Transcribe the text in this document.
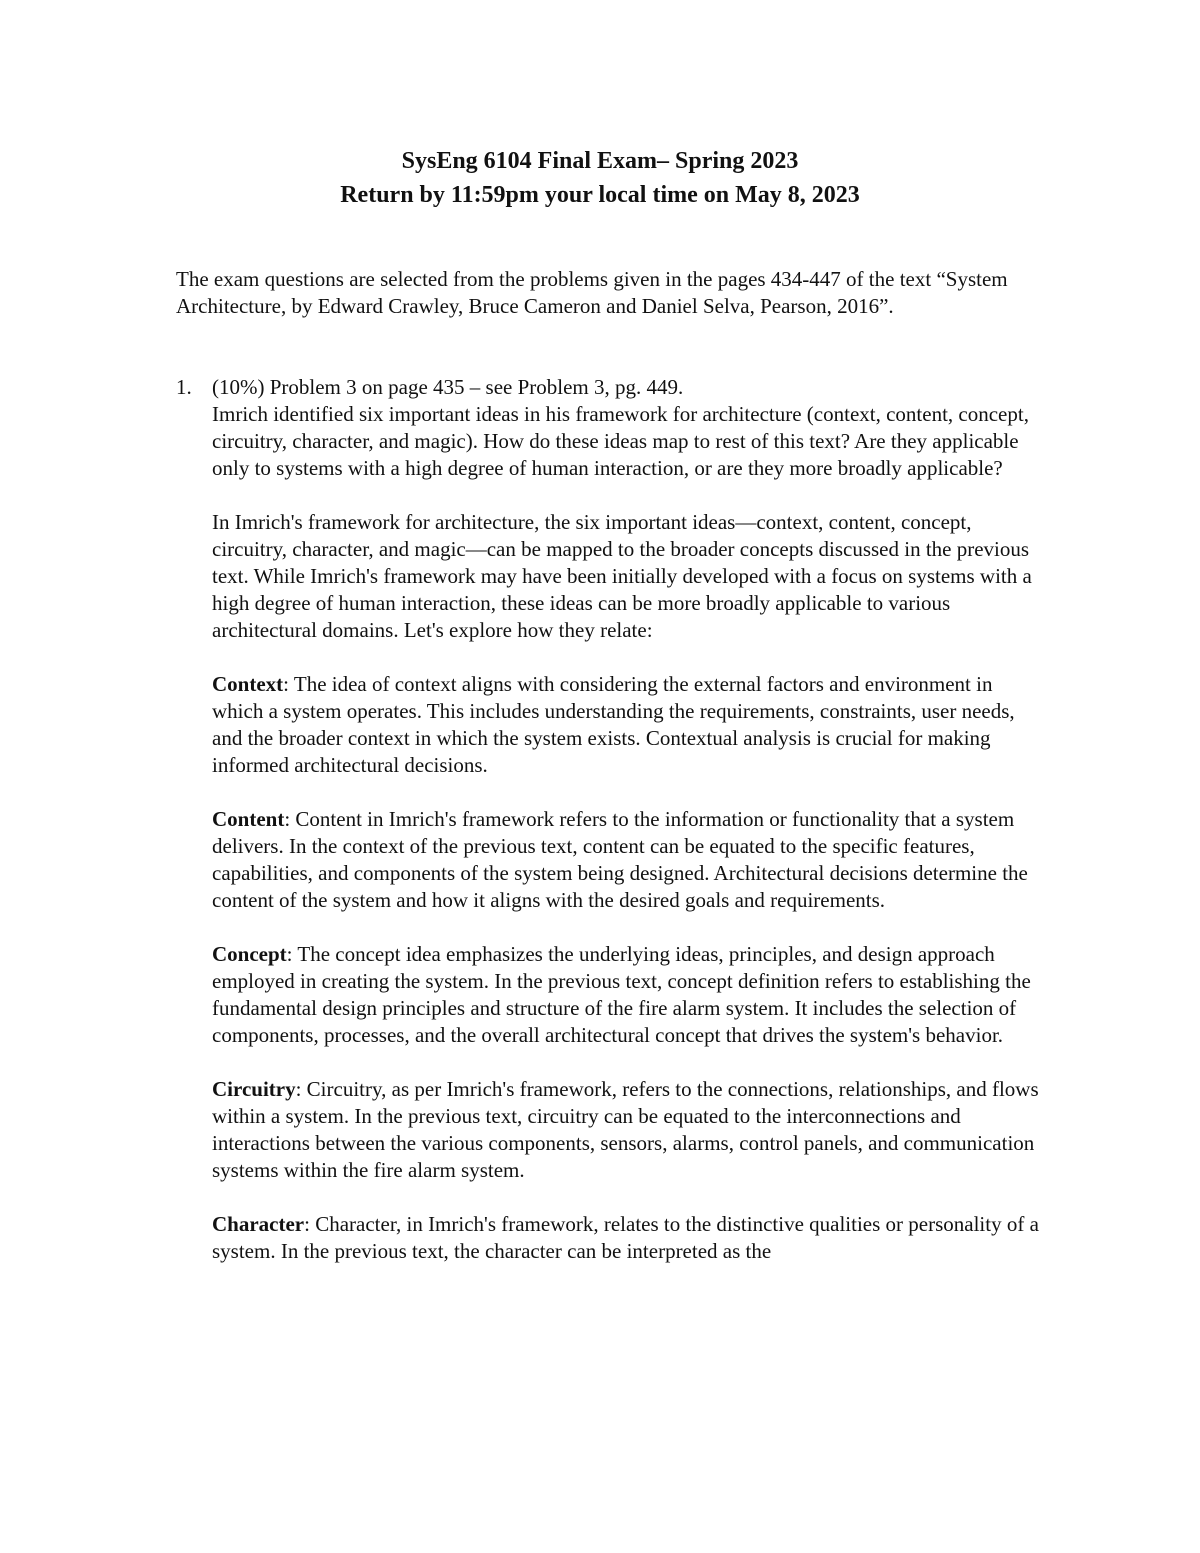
SysEng 6104 Final Exam– Spring 2023
Return by 11:59pm your local time on May 8, 2023

The exam questions are selected from the problems given in the pages 434-447 of the text “System Architecture, by Edward Crawley, Bruce Cameron and Daniel Selva, Pearson, 2016”.

1. (10%) Problem 3 on page 435 – see Problem 3, pg. 449.
Imrich identified six important ideas in his framework for architecture (context, content, concept, circuitry, character, and magic). How do these ideas map to rest of this text? Are they applicable only to systems with a high degree of human interaction, or are they more broadly applicable?

In Imrich's framework for architecture, the six important ideas—context, content, concept, circuitry, character, and magic—can be mapped to the broader concepts discussed in the previous text. While Imrich's framework may have been initially developed with a focus on systems with a high degree of human interaction, these ideas can be more broadly applicable to various architectural domains. Let's explore how they relate:

Context: The idea of context aligns with considering the external factors and environment in which a system operates. This includes understanding the requirements, constraints, user needs, and the broader context in which the system exists. Contextual analysis is crucial for making informed architectural decisions.

Content: Content in Imrich's framework refers to the information or functionality that a system delivers. In the context of the previous text, content can be equated to the specific features, capabilities, and components of the system being designed. Architectural decisions determine the content of the system and how it aligns with the desired goals and requirements.

Concept: The concept idea emphasizes the underlying ideas, principles, and design approach employed in creating the system. In the previous text, concept definition refers to establishing the fundamental design principles and structure of the fire alarm system. It includes the selection of components, processes, and the overall architectural concept that drives the system's behavior.

Circuitry: Circuitry, as per Imrich's framework, refers to the connections, relationships, and flows within a system. In the previous text, circuitry can be equated to the interconnections and interactions between the various components, sensors, alarms, control panels, and communication systems within the fire alarm system.

Character: Character, in Imrich's framework, relates to the distinctive qualities or personality of a system. In the previous text, the character can be interpreted as the
